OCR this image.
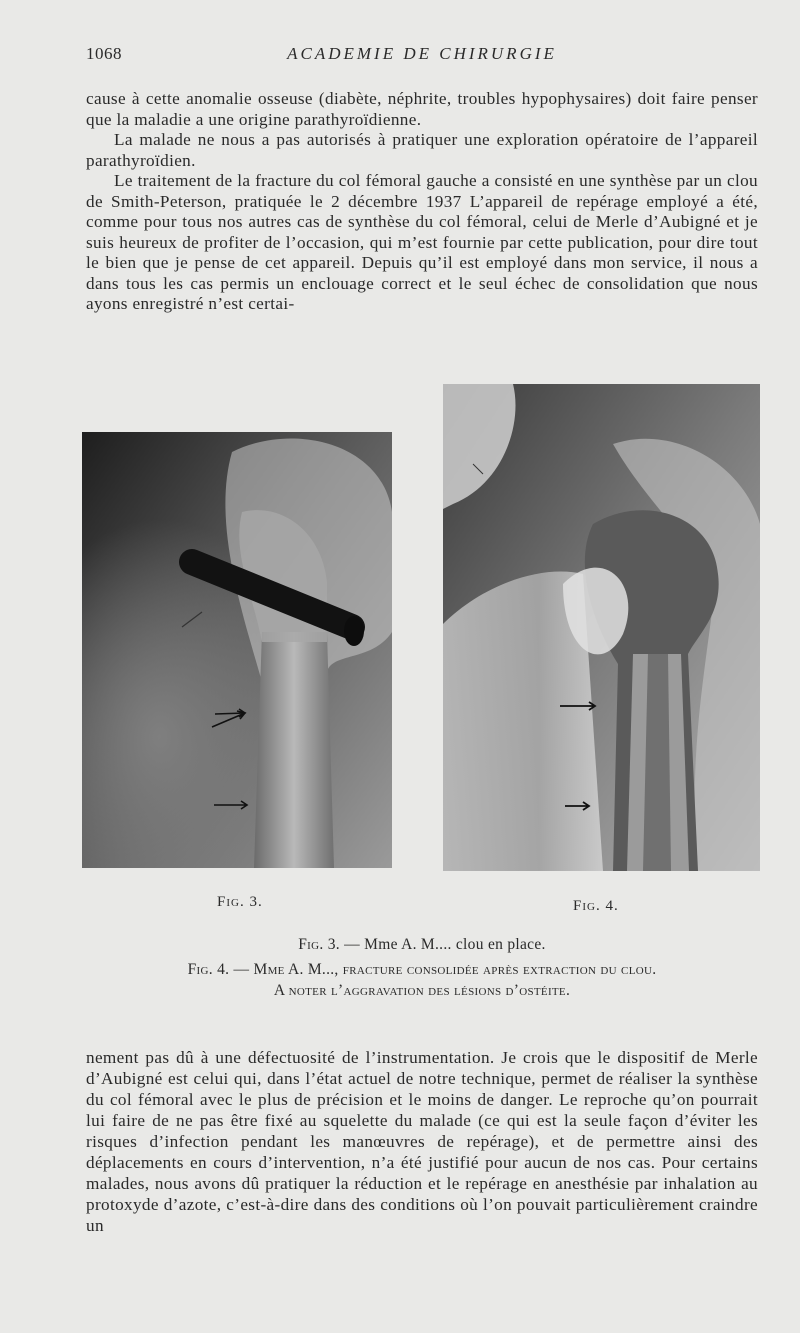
1068	ACADEMIE DE CHIRURGIE

cause à cette anomalie osseuse (diabète, néphrite, troubles hypophysaires) doit faire penser que la maladie a une origine parathyroïdienne.

La malade ne nous a pas autorisés à pratiquer une exploration opératoire de l’appareil parathyroïdien.

Le traitement de la fracture du col fémoral gauche a consisté en une synthèse par un clou de Smith-Peterson, pratiquée le 2 décembre 1937 L’appareil de repérage employé a été, comme pour tous nos autres cas de synthèse du col fémoral, celui de Merle d’Aubigné et je suis heureux de profiter de l’occasion, qui m’est fournie par cette publication, pour dire tout le bien que je pense de cet appareil. Depuis qu’il est employé dans mon service, il nous a dans tous les cas permis un enclouage correct et le seul échec de consolidation que nous ayons enregistré n’est certai-

Fig. 3.	Fig. 4.

Fig. 3. — Mme A. M.... clou en place.

Fig. 4. — Mme A. M..., fracture consolidée après extraction du clou.
A noter l’aggravation des lésions d’ostéite.

nement pas dû à une défectuosité de l’instrumentation. Je crois que le dispositif de Merle d’Aubigné est celui qui, dans l’état actuel de notre technique, permet de réaliser la synthèse du col fémoral avec le plus de précision et le moins de danger. Le reproche qu’on pourrait lui faire de ne pas être fixé au squelette du malade (ce qui est la seule façon d’éviter les risques d’infection pendant les manœuvres de repérage), et de permettre ainsi des déplacements en cours d’intervention, n’a été justifié pour aucun de nos cas. Pour certains malades, nous avons dû pratiquer la réduction et le repérage en anesthésie par inhalation au protoxyde d’azote, c’est-à-dire dans des conditions où l’on pouvait particulièrement craindre un
